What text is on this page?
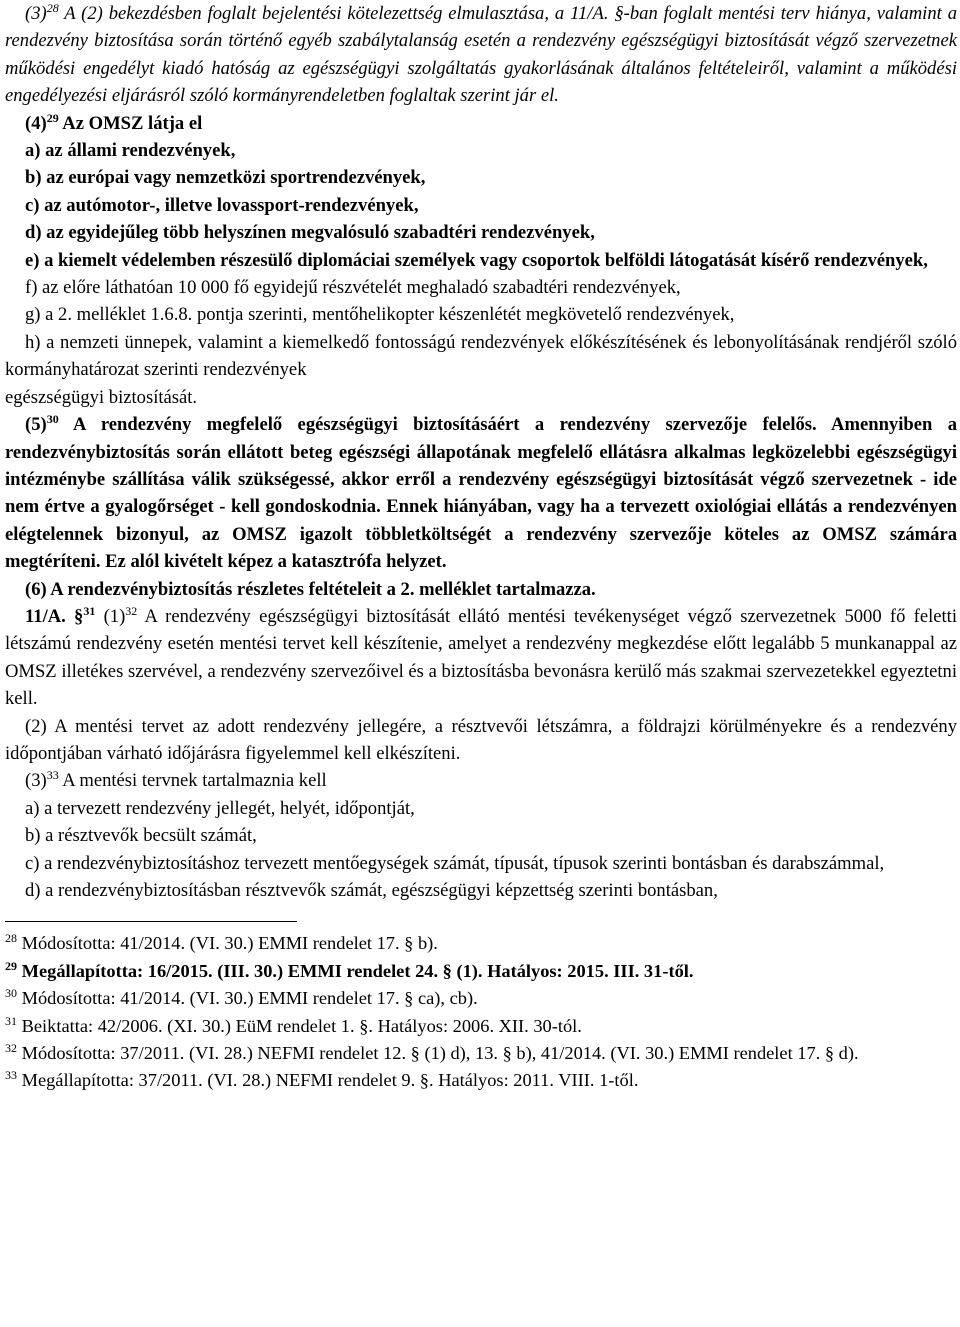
$(3)^{28}$ A (2) bekezdésben foglalt bejelentési kötelezettség elmulasztása, a 11/A. §-ban foglalt mentési terv hiánya, valamint a rendezvény biztosítása során történő egyéb szabálytalanság esetén a rendezvény egészségügyi biztosítását végző szervezetnek működési engedélyt kiadó hatóság az egészségügyi szolgáltatás gyakorlásának általános feltételeiről, valamint a működési engedélyezési eljárásról szóló kormányrendeletben foglaltak szerint jár el.

$(4)^{29}$ Az OMSZ látja el

a) az állami rendezvények,

b) az európai vagy nemzetközi sportrendezvények,

c) az autómotor-, illetve lovassport-rendezvények,

d) az egyidejűleg több helyszínen megvalósuló szabadtéri rendezvények,

e) a kiemelt védelemben részesülő diplomáciai személyek vagy csoportok belföldi látogatását kísérő rendezvények,

f) az előre láthatóan 10 000 fő egyidejű részvételét meghaladó szabadtéri rendezvények,

g) a 2. melléklet 1.6.8. pontja szerinti, mentőhelikopter készenlétét megkövetelő rendezvények,

h) a nemzeti ünnepek, valamint a kiemelkedő fontosságú rendezvények előkészítésének és lebonyolításának rendjéről szóló kormányhatározat szerinti rendezvények

egészségügyi biztosítását.

$(5)^{30}$ A rendezvény megfelelő egészségügyi biztosításáért a rendezvény szervezője felelős. Amennyiben a rendezvénybiztosítás során ellátott beteg egészségi állapotának megfelelő ellátásra alkalmas legközelebbi egészségügyi intézménybe szállítása válik szükségessé, akkor erről a rendezvény egészségügyi biztosítását végző szervezetnek - ide nem értve a gyalogőrséget - kell gondoskodnia. Ennek hiányában, vagy ha a tervezett oxiológiai ellátás a rendezvényen elégtelennek bizonyul, az OMSZ igazolt többletköltségét a rendezvény szervezője köteles az OMSZ számára megtéríteni. Ez alól kivételt képez a katasztrófa helyzet.

(6) A rendezvénybiztosítás részletes feltételeit a 2. melléklet tartalmazza.

11/A. §$^{31}$ $(1)^{32}$ A rendezvény egészségügyi biztosítását ellátó mentési tevékenységet végző szervezetnek 5000 fő feletti létszámú rendezvény esetén mentési tervet kell készítenie, amelyet a rendezvény megkezdése előtt legalább 5 munkanappal az OMSZ illetékes szervével, a rendezvény szervezőivel és a biztosításba bevonásra kerülő más szakmai szervezetekkel egyeztetni kell.

(2) A mentési tervet az adott rendezvény jellegére, a résztvevői létszámra, a földrajzi körülményekre és a rendezvény időpontjában várható időjárásra figyelemmel kell elkészíteni.

$(3)^{33}$ A mentési tervnek tartalmaznia kell

a) a tervezett rendezvény jellegét, helyét, időpontját,

b) a résztvevők becsült számát,

c) a rendezvénybiztosításhoz tervezett mentőegységek számát, típusát, típusok szerinti bontásban és darabszámmal,

d) a rendezvénybiztosításban résztvevők számát, egészségügyi képzettség szerinti bontásban,

$^{28}$ Módosította: 41/2014. (VI. 30.) EMMI rendelet 17. § b).

$^{29}$ Megállapította: 16/2015. (III. 30.) EMMI rendelet 24. § (1). Hatályos: 2015. III. 31-től.

$^{30}$ Módosította: 41/2014. (VI. 30.) EMMI rendelet 17. § ca), cb).

$^{31}$ Beiktatta: 42/2006. (XI. 30.) EüM rendelet 1. §. Hatályos: 2006. XII. 30-tól.

$^{32}$ Módosította: 37/2011. (VI. 28.) NEFMI rendelet 12. § (1) d), 13. § b), 41/2014. (VI. 30.) EMMI rendelet 17. § d).

$^{33}$ Megállapította: 37/2011. (VI. 28.) NEFMI rendelet 9. §. Hatályos: 2011. VIII. 1-től.
